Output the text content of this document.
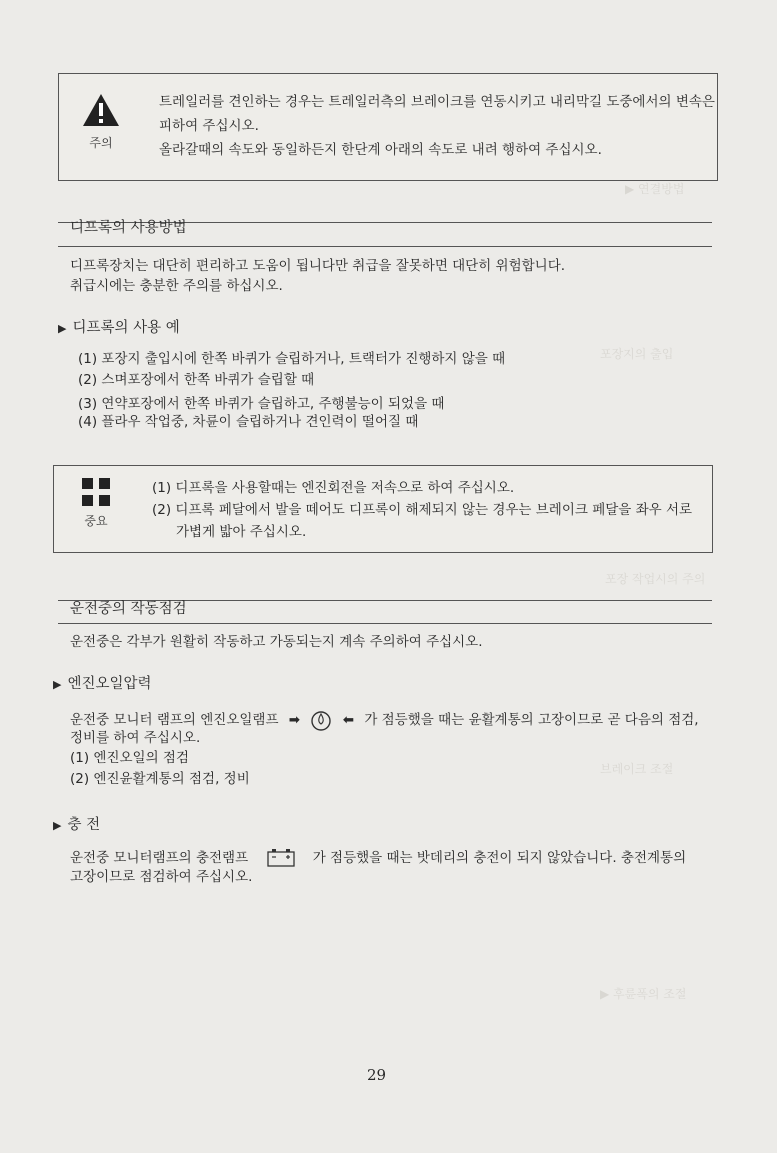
▶ 연결방법
포장지의 출입
포장 작업시의 주의
브레이크 조절
▶ 후륜폭의 조절
주의
트레일러를 견인하는 경우는 트레일러측의 브레이크를 연동시키고 내리막길 도중에서의 변속은
피하여 주십시오.
올라갈때의 속도와 동일하든지 한단계 아래의 속도로 내려 행하여 주십시오.
디프록의 사용방법
디프록장치는 대단히 편리하고 도움이 됩니다만 취급을 잘못하면 대단히 위험합니다.
취급시에는 충분한 주의를 하십시오.
▶ 디프록의 사용 예
(1) 포장지 출입시에 한쪽 바퀴가 슬립하거나, 트랙터가 진행하지 않을 때
(2) 스며포장에서 한쪽 바퀴가 슬립할 때
(3) 연약포장에서 한쪽 바퀴가 슬립하고, 주행불능이 되었을 때
(4) 플라우 작업중, 차륜이 슬립하거나 견인력이 떨어질 때
중요
(1) 디프록을 사용할때는 엔진회전을 저속으로 하여 주십시오.
(2) 디프록 페달에서 발을 떼어도 디프록이 해제되지 않는 경우는 브레이크 페달을 좌우 서로
가볍게 밟아 주십시오.
운전중의 작동점검
운전중은 각부가 원활히 작동하고 가동되는지 계속 주의하여 주십시오.
▶ 엔진오일압력
운전중 모니터 램프의 엔진오일램프 ➡	⬅ 가 점등했을 때는 윤활계통의 고장이므로 곧 다음의 점검,
정비를 하여 주십시오.
(1) 엔진오일의 점검
(2) 엔진윤활계통의 점검, 정비
▶ 충 전
운전중 모니터램프의 충전램프	가 점등했을 때는 밧데리의 충전이 되지 않았습니다. 충전계통의
고장이므로 점검하여 주십시오.
29
